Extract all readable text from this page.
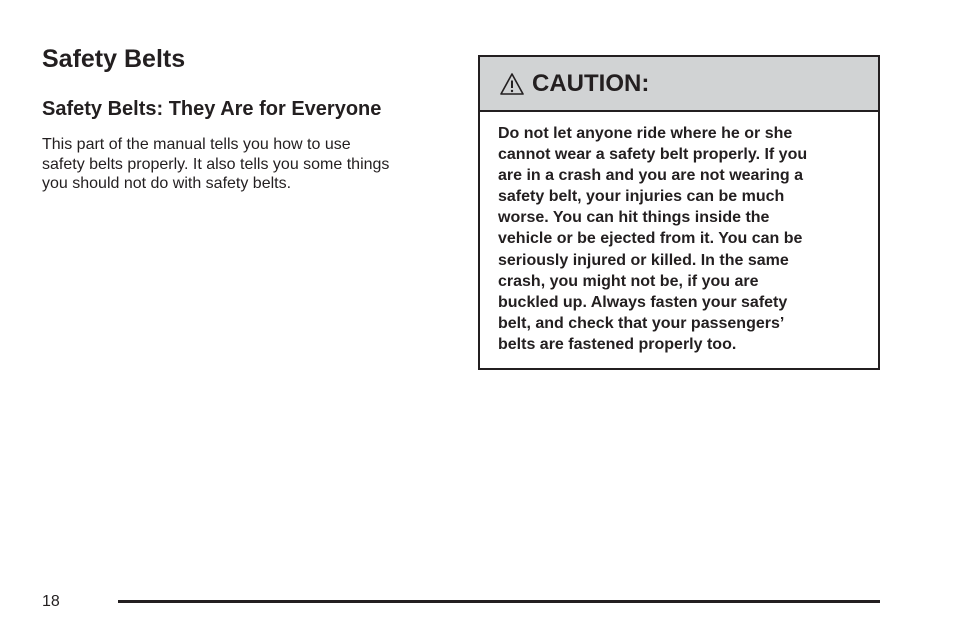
Safety Belts
Safety Belts: They Are for Everyone

This part of the manual tells you how to use
safety belts properly. It also tells you some things
you should not do with safety belts.

CAUTION:
Do not let anyone ride where he or she
cannot wear a safety belt properly. If you
are in a crash and you are not wearing a
safety belt, your injuries can be much
worse. You can hit things inside the
vehicle or be ejected from it. You can be
seriously injured or killed. In the same
crash, you might not be, if you are
buckled up. Always fasten your safety
belt, and check that your passengers’
belts are fastened properly too.
18
